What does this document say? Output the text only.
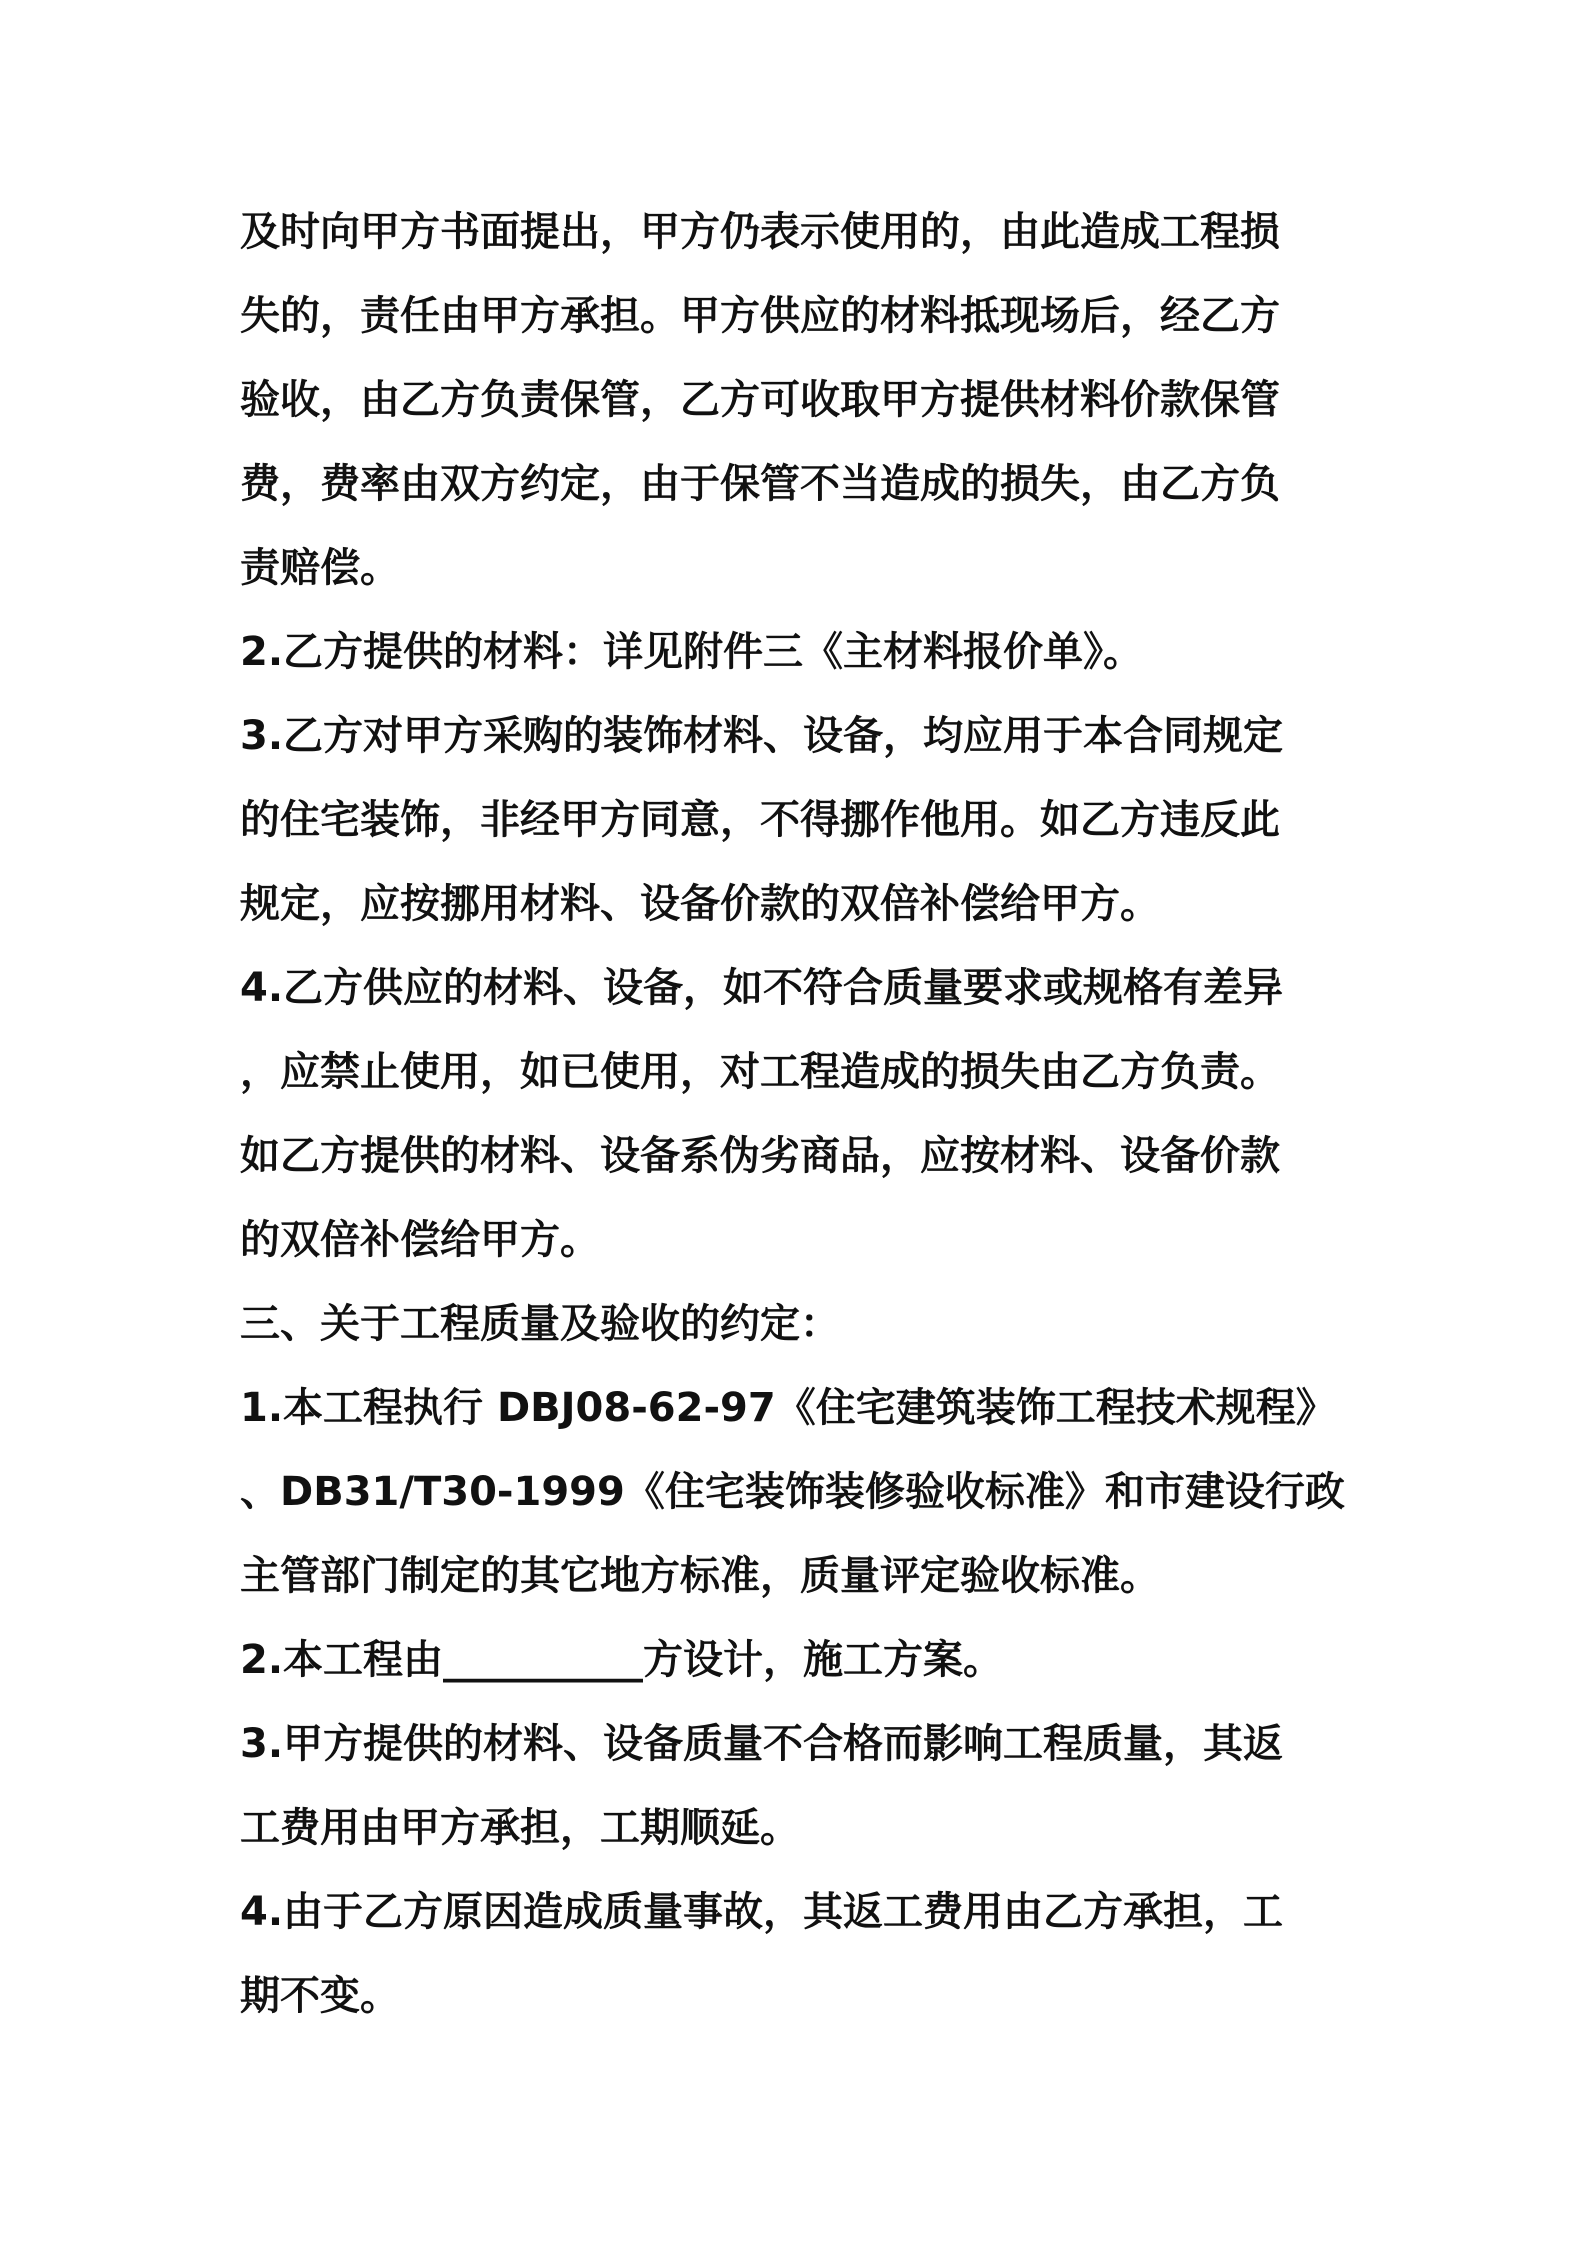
及时向甲方书面提出，甲方仍表示使用的，由此造成工程损
失的，责任由甲方承担。甲方供应的材料抵现场后，经乙方
验收，由乙方负责保管，乙方可收取甲方提供材料价款保管
费，费率由双方约定，由于保管不当造成的损失，由乙方负
责赔偿。
2.乙方提供的材料：详见附件三《主材料报价单》。
3.乙方对甲方采购的装饰材料、设备，均应用于本合同规定
的住宅装饰，非经甲方同意，不得挪作他用。如乙方违反此
规定，应按挪用材料、设备价款的双倍补偿给甲方。
4.乙方供应的材料、设备，如不符合质量要求或规格有差异
，应禁止使用，如已使用，对工程造成的损失由乙方负责。
如乙方提供的材料、设备系伪劣商品，应按材料、设备价款
的双倍补偿给甲方。
三、关于工程质量及验收的约定：
1.本工程执行 DBJ08-62-97《住宅建筑装饰工程技术规程》
、DB31/T30-1999《住宅装饰装修验收标准》和市建设行政
主管部门制定的其它地方标准，质量评定验收标准。
2.本工程由__________方设计，施工方案。
3.甲方提供的材料、设备质量不合格而影响工程质量，其返
工费用由甲方承担，工期顺延。
4.由于乙方原因造成质量事故，其返工费用由乙方承担，工
期不变。
